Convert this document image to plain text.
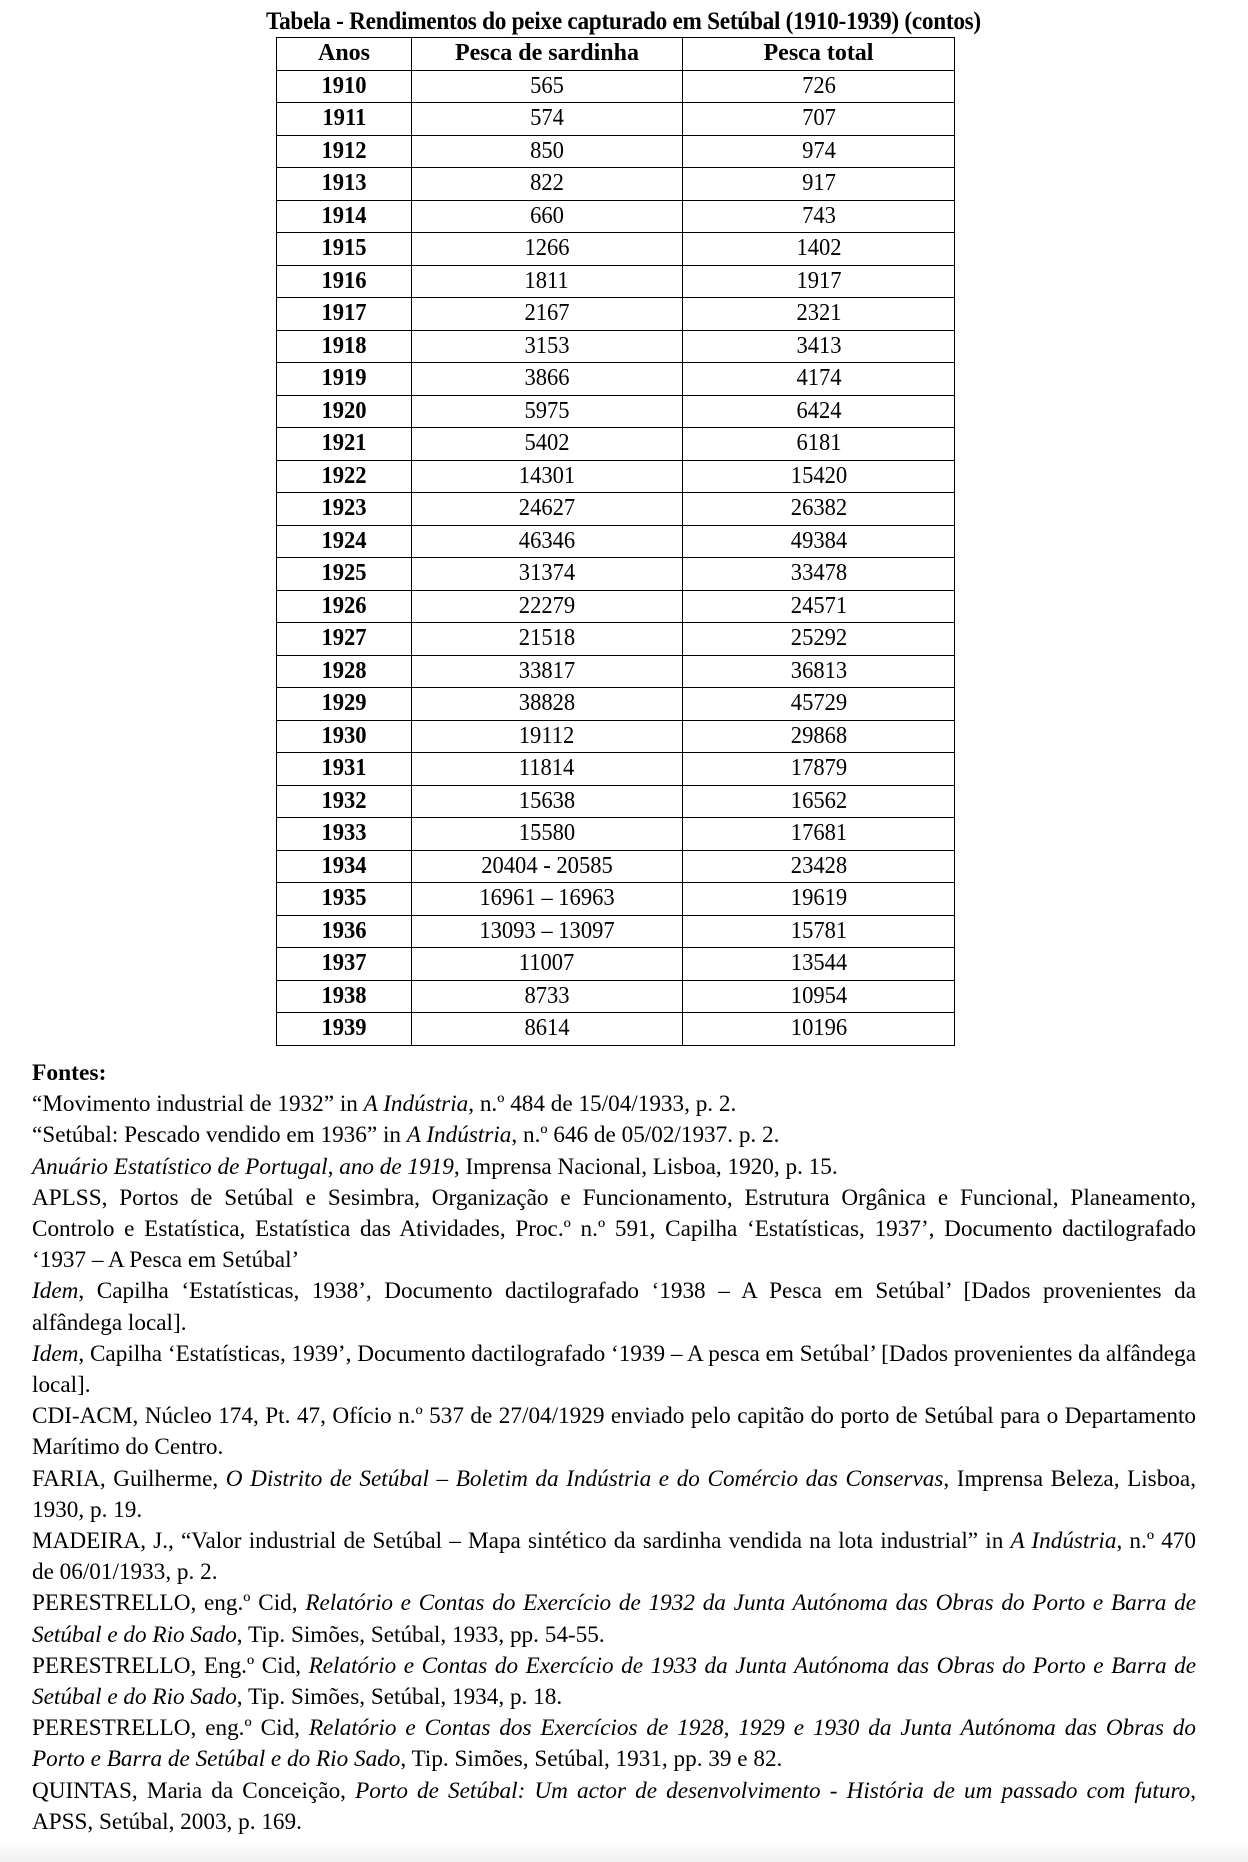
Tabela - Rendimentos do peixe capturado em Setúbal (1910-1939) (contos)
Anos	Pesca de sardinha	Pesca total
1910	565	726
1911	574	707
1912	850	974
1913	822	917
1914	660	743
1915	1266	1402
1916	1811	1917
1917	2167	2321
1918	3153	3413
1919	3866	4174
1920	5975	6424
1921	5402	6181
1922	14301	15420
1923	24627	26382
1924	46346	49384
1925	31374	33478
1926	22279	24571
1927	21518	25292
1928	33817	36813
1929	38828	45729
1930	19112	29868
1931	11814	17879
1932	15638	16562
1933	15580	17681
1934	20404 - 20585	23428
1935	16961 – 16963	19619
1936	13093 – 13097	15781
1937	11007	13544
1938	8733	10954
1939	8614	10196
Fontes:
“Movimento industrial de 1932” in A Indústria, n.º 484 de 15/04/1933, p. 2.
“Setúbal: Pescado vendido em 1936” in A Indústria, n.º 646 de 05/02/1937. p. 2.
Anuário Estatístico de Portugal, ano de 1919, Imprensa Nacional, Lisboa, 1920, p. 15.
APLSS, Portos de Setúbal e Sesimbra, Organização e Funcionamento, Estrutura Orgânica e Funcional, Planeamento, Controlo e Estatística, Estatística das Atividades, Proc.º n.º 591, Capilha ‘Estatísticas, 1937’, Documento dactilografado ‘1937 – A Pesca em Setúbal’
Idem, Capilha ‘Estatísticas, 1938’, Documento dactilografado ‘1938 – A Pesca em Setúbal’ [Dados provenientes da alfândega local].
Idem, Capilha ‘Estatísticas, 1939’, Documento dactilografado ‘1939 – A pesca em Setúbal’ [Dados provenientes da alfândega local].
CDI-ACM, Núcleo 174, Pt. 47, Ofício n.º 537 de 27/04/1929 enviado pelo capitão do porto de Setúbal para o Departamento Marítimo do Centro.
FARIA, Guilherme, O Distrito de Setúbal – Boletim da Indústria e do Comércio das Conservas, Imprensa Beleza, Lisboa, 1930, p. 19.
MADEIRA, J., “Valor industrial de Setúbal – Mapa sintético da sardinha vendida na lota industrial” in A Indústria, n.º 470 de 06/01/1933, p. 2.
PERESTRELLO, eng.º Cid, Relatório e Contas do Exercício de 1932 da Junta Autónoma das Obras do Porto e Barra de Setúbal e do Rio Sado, Tip. Simões, Setúbal, 1933, pp. 54-55.
PERESTRELLO, Eng.º Cid, Relatório e Contas do Exercício de 1933 da Junta Autónoma das Obras do Porto e Barra de Setúbal e do Rio Sado, Tip. Simões, Setúbal, 1934, p. 18.
PERESTRELLO, eng.º Cid, Relatório e Contas dos Exercícios de 1928, 1929 e 1930 da Junta Autónoma das Obras do Porto e Barra de Setúbal e do Rio Sado, Tip. Simões, Setúbal, 1931, pp. 39 e 82.
QUINTAS, Maria da Conceição, Porto de Setúbal: Um actor de desenvolvimento - História de um passado com futuro, APSS, Setúbal, 2003, p. 169.
